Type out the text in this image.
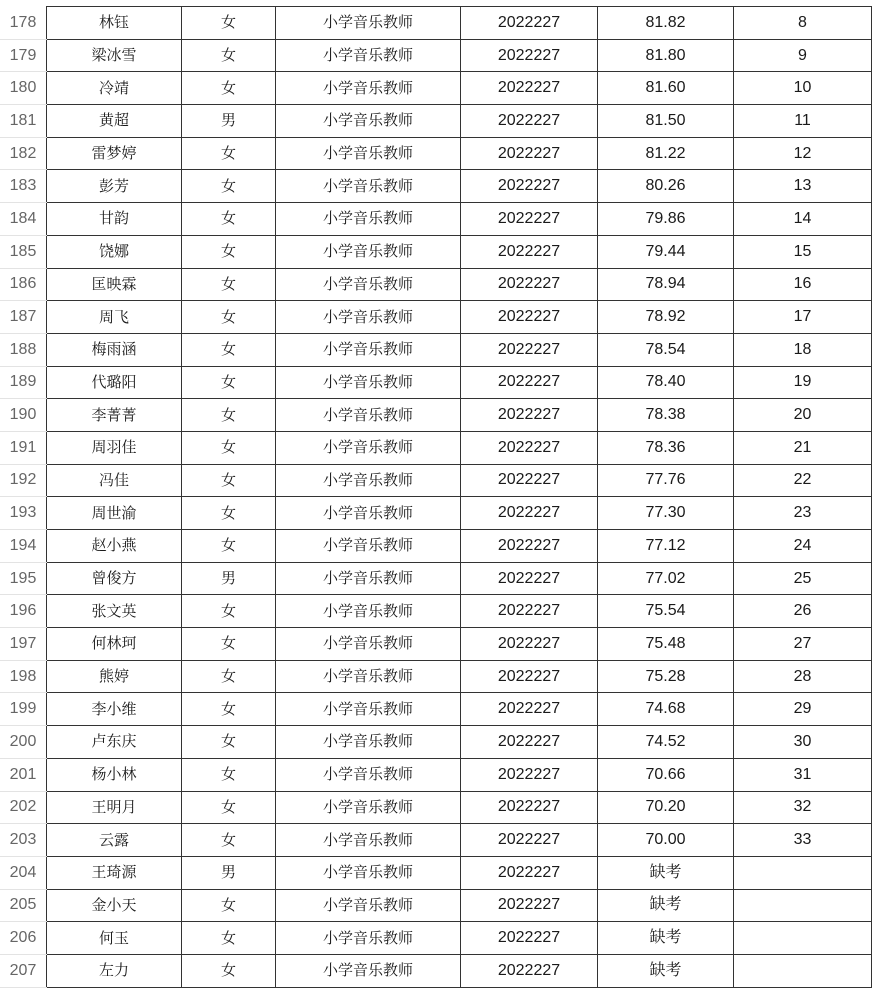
178	林钰	女	小学音乐教师	2022227	81.82	8
179	梁冰雪	女	小学音乐教师	2022227	81.80	9
180	冷靖	女	小学音乐教师	2022227	81.60	10
181	黄超	男	小学音乐教师	2022227	81.50	11
182	雷梦婷	女	小学音乐教师	2022227	81.22	12
183	彭芳	女	小学音乐教师	2022227	80.26	13
184	甘韵	女	小学音乐教师	2022227	79.86	14
185	饶娜	女	小学音乐教师	2022227	79.44	15
186	匡映霖	女	小学音乐教师	2022227	78.94	16
187	周飞	女	小学音乐教师	2022227	78.92	17
188	梅雨涵	女	小学音乐教师	2022227	78.54	18
189	代璐阳	女	小学音乐教师	2022227	78.40	19
190	李菁菁	女	小学音乐教师	2022227	78.38	20
191	周羽佳	女	小学音乐教师	2022227	78.36	21
192	冯佳	女	小学音乐教师	2022227	77.76	22
193	周世渝	女	小学音乐教师	2022227	77.30	23
194	赵小燕	女	小学音乐教师	2022227	77.12	24
195	曾俊方	男	小学音乐教师	2022227	77.02	25
196	张文英	女	小学音乐教师	2022227	75.54	26
197	何林珂	女	小学音乐教师	2022227	75.48	27
198	熊婷	女	小学音乐教师	2022227	75.28	28
199	李小维	女	小学音乐教师	2022227	74.68	29
200	卢东庆	女	小学音乐教师	2022227	74.52	30
201	杨小林	女	小学音乐教师	2022227	70.66	31
202	王明月	女	小学音乐教师	2022227	70.20	32
203	云露	女	小学音乐教师	2022227	70.00	33
204	王琦源	男	小学音乐教师	2022227	缺考	
205	金小天	女	小学音乐教师	2022227	缺考	
206	何玉	女	小学音乐教师	2022227	缺考	
207	左力	女	小学音乐教师	2022227	缺考	
